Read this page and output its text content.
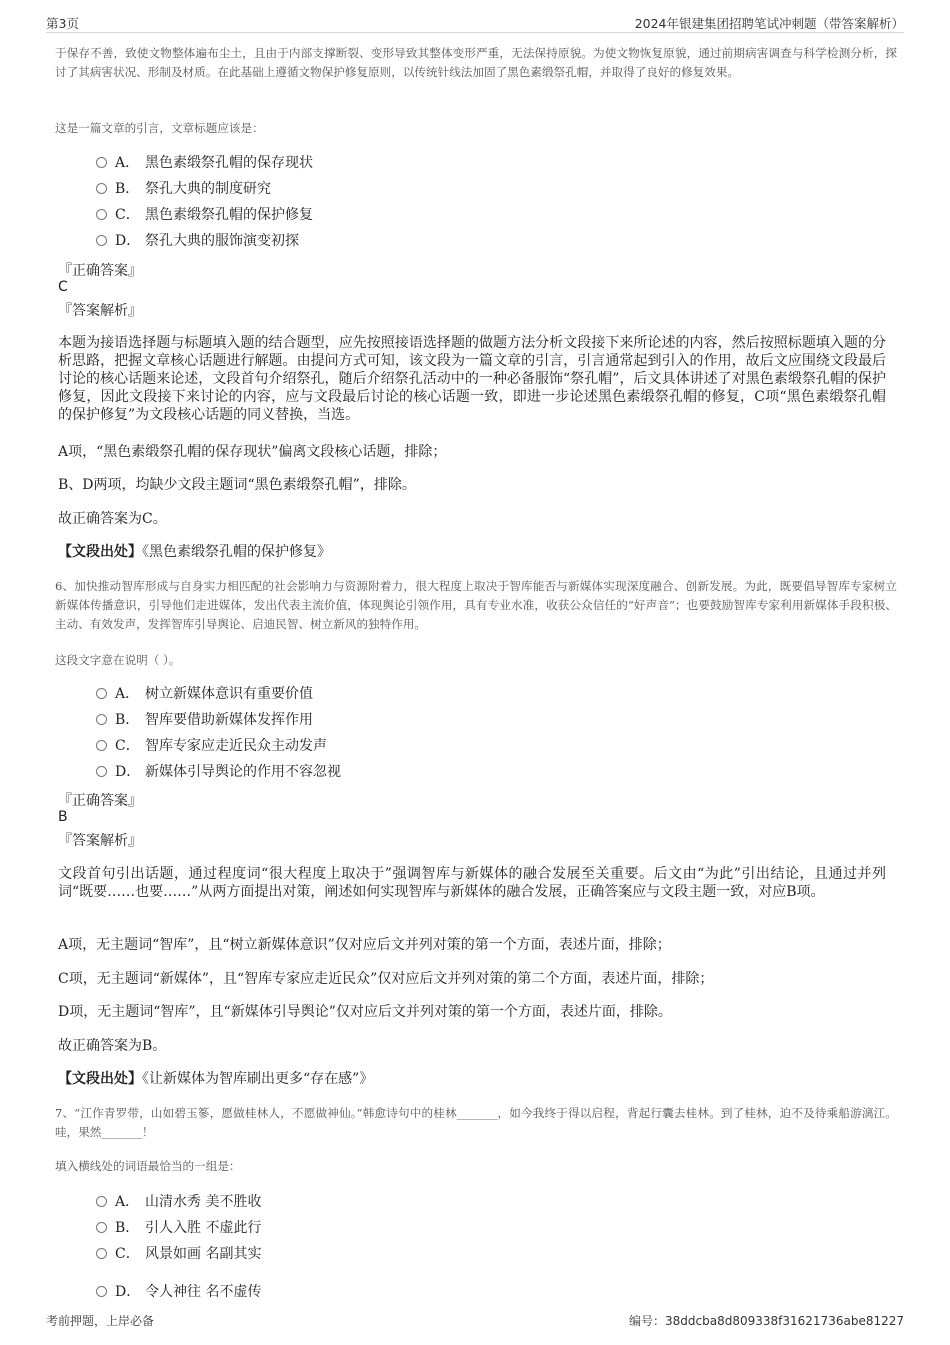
第3页	2024年银建集团招聘笔试冲刺题（带答案解析）
于保存不善，致使文物整体遍布尘土，且由于内部支撑断裂、变形导致其整体变形严重，无法保持原貌。为使文物恢复原貌，通过前期病害调查与科学检测分析，探讨了其病害状况、形制及材质。在此基础上遵循文物保护修复原则，以传统针线法加固了黑色素缎祭孔帽，并取得了良好的修复效果。
这是一篇文章的引言，文章标题应该是：
A． 黑色素缎祭孔帽的保存现状
B． 祭孔大典的制度研究
C． 黑色素缎祭孔帽的保护修复
D． 祭孔大典的服饰演变初探
『正确答案』
C
『答案解析』
本题为接语选择题与标题填入题的结合题型，应先按照接语选择题的做题方法分析文段接下来所论述的内容，然后按照标题填入题的分析思路，把握文章核心话题进行解题。由提问方式可知，该文段为一篇文章的引言，引言通常起到引入的作用，故后文应围绕文段最后讨论的核心话题来论述，文段首句介绍祭孔，随后介绍祭孔活动中的一种必备服饰“祭孔帽”，后文具体讲述了对黑色素缎祭孔帽的保护修复，因此文段接下来讨论的内容，应与文段最后讨论的核心话题一致，即进一步论述黑色素缎祭孔帽的修复，C项“黑色素缎祭孔帽的保护修复”为文段核心话题的同义替换，当选。
A项，“黑色素缎祭孔帽的保存现状”偏离文段核心话题，排除；
B、D两项，均缺少文段主题词“黑色素缎祭孔帽”，排除。
故正确答案为C。
【文段出处】《黑色素缎祭孔帽的保护修复》
6、加快推动智库形成与自身实力相匹配的社会影响力与资源附着力，很大程度上取决于智库能否与新媒体实现深度融合、创新发展。为此，既要倡导智库专家树立新媒体传播意识，引导他们走进媒体，发出代表主流价值，体现舆论引领作用，具有专业水准，收获公众信任的“好声音”；也要鼓励智库专家利用新媒体手段积极、主动、有效发声，发挥智库引导舆论、启迪民智、树立新风的独特作用。
这段文字意在说明（ ）。
A． 树立新媒体意识有重要价值
B． 智库要借助新媒体发挥作用
C． 智库专家应走近民众主动发声
D． 新媒体引导舆论的作用不容忽视
『正确答案』
B
『答案解析』
文段首句引出话题，通过程度词“很大程度上取决于”强调智库与新媒体的融合发展至关重要。后文由“为此”引出结论，且通过并列词“既要……也要……”从两方面提出对策，阐述如何实现智库与新媒体的融合发展，正确答案应与文段主题一致，对应B项。
A项，无主题词“智库”，且“树立新媒体意识”仅对应后文并列对策的第一个方面，表述片面，排除；
C项，无主题词“新媒体”，且“智库专家应走近民众”仅对应后文并列对策的第二个方面，表述片面，排除；
D项，无主题词“智库”，且“新媒体引导舆论”仅对应后文并列对策的第一个方面，表述片面，排除。
故正确答案为B。
【文段出处】《让新媒体为智库刷出更多“存在感”》
7、“江作青罗带，山如碧玉篸，愿做桂林人，不愿做神仙。”韩愈诗句中的桂林_______，如今我终于得以启程，背起行囊去桂林。到了桂林，迫不及待乘船游漓江。哇，果然_______！
填入横线处的词语最恰当的一组是：
A． 山清水秀 美不胜收
B． 引人入胜 不虚此行
C． 风景如画 名副其实
D． 令人神往 名不虚传
考前押题，上岸必备	编号：38ddcba8d809338f31621736abe81227
